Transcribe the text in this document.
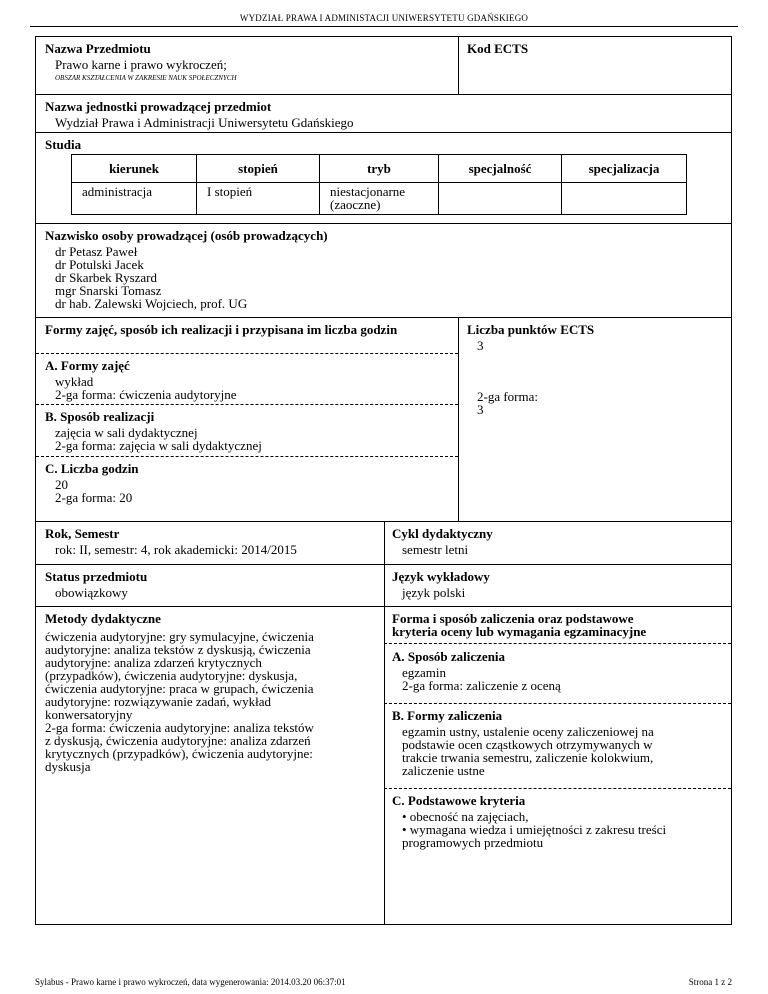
WYDZIAŁ PRAWA I ADMINISTACJI UNIWERSYTETU GDAŃSKIEGO
Nazwa Przedmiotu
Prawo karne i prawo wykroczeń;
OBSZAR KSZTAŁCENIA W ZAKRESIE NAUK SPOŁECZNYCH
Kod ECTS
Nazwa jednostki prowadzącej przedmiot
Wydział Prawa i Administracji Uniwersytetu Gdańskiego
Studia
kierunek	stopień	tryb	specjalność	specjalizacja
administracja	I stopień	niestacjonarne (zaoczne)		
Nazwisko osoby prowadzącej (osób prowadzących)
dr Petasz Paweł
dr Potulski Jacek
dr Skarbek Ryszard
mgr Snarski Tomasz
dr hab. Zalewski Wojciech, prof. UG
Formy zajęć, sposób ich realizacji i przypisana im liczba godzin
A. Formy zajęć
wykład
2-ga forma: ćwiczenia audytoryjne
B. Sposób realizacji
zajęcia w sali dydaktycznej
2-ga forma: zajęcia w sali dydaktycznej
C. Liczba godzin
20
2-ga forma: 20
Liczba punktów ECTS
3
2-ga forma:
3
Rok, Semestr
rok: II, semestr: 4, rok akademicki: 2014/2015
Cykl dydaktyczny
semestr letni
Status przedmiotu
obowiązkowy
Język wykładowy
język polski
Metody dydaktyczne
ćwiczenia audytoryjne: gry symulacyjne, ćwiczenia
audytoryjne: analiza tekstów z dyskusją, ćwiczenia
audytoryjne: analiza zdarzeń krytycznych
(przypadków), ćwiczenia audytoryjne: dyskusja,
ćwiczenia audytoryjne: praca w grupach, ćwiczenia
audytoryjne: rozwiązywanie zadań, wykład
konwersatoryjny
2-ga forma: ćwiczenia audytoryjne: analiza tekstów
z dyskusją, ćwiczenia audytoryjne: analiza zdarzeń
krytycznych (przypadków), ćwiczenia audytoryjne:
dyskusja
Forma i sposób zaliczenia oraz podstawowe
kryteria oceny lub wymagania egzaminacyjne
A. Sposób zaliczenia
egzamin
2-ga forma: zaliczenie z oceną
B. Formy zaliczenia
egzamin ustny, ustalenie oceny zaliczeniowej na
podstawie ocen cząstkowych otrzymywanych w
trakcie trwania semestru, zaliczenie kolokwium,
zaliczenie ustne
C. Podstawowe kryteria
• obecność na zajęciach,
• wymagana wiedza i umiejętności z zakresu treści
programowych przedmiotu
Sylabus - Prawo karne i prawo wykroczeń, data wygenerowania: 2014.03.20 06:37:01	Strona 1 z 2
